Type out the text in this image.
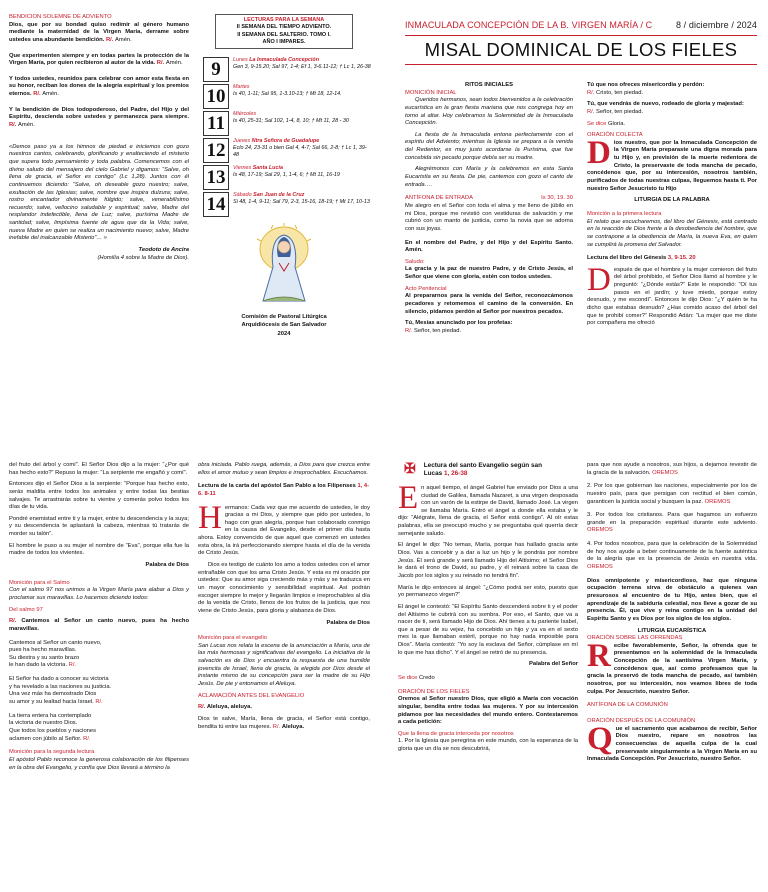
BENDICIÓN SOLEMNE DE ADVIENTO

Dios, que por su bondad quiso redimir al género humano mediante la maternidad de la Virgen María, derrame sobre ustedes una abundante bendición. R/. Amén.

Que experimenten siempre y en todas partes la protección de la Virgen María, por quien recibieron al autor de la vida. R/. Amén.

Y todos ustedes, reunidos para celebrar con amor esta fiesta en su honor, reciban los dones de la alegría espiritual y los premios eternos. R/. Amén.

Y la bendición de Dios todopoderoso, del Padre, del Hijo y del Espíritu, descienda sobre ustedes y permanezca para siempre. R/. Amén.

«Demos paso ya a los himnos de piedad e iniciemos con gozo nuestros cantos, celebrando, glorificando y enalteciendo el misterio que supera todo pensamiento y toda palabra. Comencemos con el divino saludo del mensajero del cielo Gabriel y digamos: “Salve, oh llena de gracia, el Señor es contigo” (Lc 1,28). Juntos con él continuemos diciendo: “Salve, oh deseable gozo nuestro; salve, exultación de las Iglesias; salve, nombre que inspira dulzura; salve, rostro encantador divinamente fúlgido; salve, venerabilísimo recuerdo; salve, vellocino saludable y espiritual; salve, Madre del resplandor indefectible, llena de Luz; salve, purísima Madre de santidad; salve, limpísima fuente de agua que da la Vida; salve, nueva Madre en quien se realiza un nacimiento nuevo; salve, Madre inefable del inalcanzable Misterio”… »

Teodoto de Ancira
(Homilía 4 sobre la Madre de Dios).
LECTURAS PARA LA SEMANA
II SEMANA DEL TIEMPO ADVIENTO.
II SEMANA DEL SALTERIO. TOMO I.
AÑO I IMPARES.
9	Lunes La Inmaculada Concepción
Gen 3, 9-15.20; Sal 97, 1-4; Ef 1, 3-6.11-12; † Lc 1, 26-38
10	Martes
Is 40, 1-11; Sal 95, 1-3.10-13; † Mt 18, 12-14.
11	Miércoles
Is 40, 25-31; Sal 102, 1-4, 8, 10; † Mt 11, 28 - 30
12	Jueves Ntra Señora de Guadalupe
Eclo 24, 23-31 o bien Gal 4, 4-7; Sal 66, 2-8; † Lc 1, 39-48
13	Viernes Santa Lucía
Is 48, 17-19; Sal 29, 1, 1-4, 6; † Mt 11, 16-19
14	Sábado San Juan de la Cruz
Si 48, 1-4, 9-11; Sal 79, 2-3, 15-16, 18-19; † Mt 17, 10-13
Comisión de Pastoral Litúrgica
Arquidiócesis de San Salvador
2024
INMACULADA CONCEPCIÓN DE LA B. VIRGEN MARÍA / C	8 / diciembre / 2024
MISAL DOMINICAL DE LOS FIELES
RITOS INICIALES
MONICIÓN INICIAL

Queridos hermanos, sean todos bienvenidos a la celebración eucarística en la gran fiesta mariana que nos congrega hoy en torno al altar. Hoy celebramos la Solemnidad de la Inmaculada Concepción.

La fiesta de la Inmaculada entona perfectamente con el espíritu del Adviento; mientras la Iglesia se prepara a la venida del Redentor, es muy justo acordarse la Purísima, que fue concebida sin pecado porque debía ser su madre.

Alegrémonos con María y la celebremos en esta Santa Eucaristía en su fiesta. De pie, cantemos con gozo el canto de entrada….

ANTÍFONA DE ENTRADA	Is 30, 19. 30

Me alegro en el Señor con toda el alma y me lleno de júbilo en mi Dios, porque me revistió con vestiduras de salvación y me cubrió con un manto de justicia, como la novia que se adorna con sus joyas.

En el nombre del Padre, y del Hijo y del Espíritu Santo. Amén.

Saludo:

La gracia y la paz de nuestro Padre, y de Cristo Jesús, el Señor que viene con gloria, estén con todos ustedes.

Acto Penitencial

Al prepararnos para la venida del Señor, reconozcámonos pecadores y retomemos el camino de la conversión. En silencio, pidamos perdón al Señor por nuestros pecados.

Tú, Mesías anunciado por los profetas:
R/. Señor, ten piedad.
Tú que nos ofreces misericordia y perdón:

R/. Cristo, ten piedad.

Tú, que vendrás de nuevo, rodeado de gloria y majestad:

R/. Señor, ten piedad.

Se dice Gloria.

ORACIÓN COLECTA

Dios nuestro, que por la Inmaculada Concepción de la Virgen María preparaste una digna morada para tu Hijo y, en previsión de la muerte redentora de Cristo, la preservaste de toda mancha de pecado, concédenos que, por su intercesión, nosotros también, purificados de todas nuestras culpas, lleguemos hasta ti. Por nuestro Señor Jesucristo tu Hijo

LITURGIA DE LA PALABRA
Monición a la primera lectura

El relato que escucharemos, del libro del Génesis, está centrado en la reacción de Dios frente a la desobediencia del hombre, que se contrapone a la obediencia de María, la nueva Eva, en quien se cumplirá la promesa del Salvador.

Lectura del libro del Génesis 3, 9-15. 20

Después de que el hombre y la mujer comieron del fruto del árbol prohibido, el Señor Dios llamó al hombre y le preguntó: “¿Dónde estás?” Este le respondió: “Oí tus pasos en el jardín; y tuve miedo, porque estoy desnudo, y me escondí”. Entonces le dijo Dios: “¿Y quién te ha dicho que estabas desnudo? ¿Has comido acaso del árbol del que te prohibí comer?” Respondió Adán: “La mujer que me diste por compañera me ofreció

del fruto del árbol y comí”. El Señor Dios dijo a la mujer: “¿Por qué has hecho esto?” Repuso la mujer: “La serpiente me engañó y comí”.

Entonces dijo el Señor Dios a la serpiente: “Porque has hecho esto, serás maldita entre todos los animales y entre todas las bestias salvajes. Te arrastrarás sobre tu vientre y comerás polvo todos los días de tu vida.

Pondré enemistad entre ti y la mujer, entre tu descendencia y la suya; y su descendencia te aplastará la cabeza, mientras tú tratarás de morder su talón”.

El hombre le puso a su mujer el nombre de “Eva”, porque ella fue la madre de todos los vivientes.

Palabra de Dios
Monición para el Salmo

Con el salmo 97 nos unimos a la Virgen María para alabar a Dios y proclamar sus maravillas. Lo hacemos diciendo todos:

Del salmo 97

R/. Cantemos al Señor un canto nuevo, pues ha hecho maravillas.

Cantemos al Señor un canto nuevo,
pues ha hecho maravillas.
Su diestra y su santo brazo
le han dado la victoria. R/.
El Señor ha dado a conocer su victoria
y ha revelado a las naciones su justicia.
Una vez más ha demostrado Dios
su amor y su lealtad hacia Israel. R/.
La tierra entera ha contemplado
la victoria de nuestro Dios.
Que todos los pueblos y naciones
aclamen con júbilo al Señor. R/.
Monición para la segunda lectura

El apóstol Pablo reconoce la generosa colaboración de los filipenses en la obra del Evangelio, y confía que Dios llevará a término la

obra iniciada. Pablo ruega, además, a Dios para que crezca entre ellos el amor mutuo y sean limpios e irreprochables. Escuchamos.

Lectura de la carta del apóstol San Pablo a los Filipenses 1, 4-6. 8-11

Hermanos: Cada vez que me acuerdo de ustedes, le doy gracias a mi Dios, y siempre que pido por ustedes, lo hago con gran alegría, porque han colaborado conmigo en la causa del Evangelio, desde el primer día hasta ahora. Estoy convencido de que aquel que comenzó en ustedes esta obra, la irá perfeccionando siempre hasta el día de la venida de Cristo Jesús.

Dios es testigo de cuánto los amo a todos ustedes con el amor entrañable con que los ama Cristo Jesús. Y esta es mi oración por ustedes: Que su amor siga creciendo más y más y se traduzca en un mayor conocimiento y sensibilidad espiritual. Así podrán escoger siempre lo mejor y llegarán limpios e irreprochables al día de la venida de Cristo, llenos de los frutos de la justicia, que nos viene de Cristo Jesús, para gloria y alabanza de Dios.

Palabra de Dios
Monición para el evangelio

San Lucas nos relata la escena de la anunciación a María, una de las más hermosas y significativas del evangelio. La iniciativa de la salvación es de Dios y encuentra la respuesta de una humilde jovencita de Israel, llena de gracia, la elegida por Dios desde el instante mismo de su concepción para ser la madre de su Hijo Jesús. De pie y entonamos el Aleluya.

ACLAMACIÓN ANTES DEL EVANGELIO

R/. Aleluya, aleluya.

Dios te salve, María, llena de gracia, el Señor está contigo, bendita tú entre las mujeres. R/. Aleluya.

✠ Lectura del santo Evangelio según san Lucas 1, 26-38

En aquel tiempo, el ángel Gabriel fue enviado por Dios a una ciudad de Galilea, llamada Nazaret, a una virgen desposada con un varón de la estirpe de David, llamado José. La virgen se llamaba María. Entró el ángel a donde ella estaba y le dijo: “Alégrate, llena de gracia, el Señor está contigo”. Al oír estas palabras, ella se preocupó mucho y se preguntaba qué querría decir semejante saludo.

El ángel le dijo: “No temas, María, porque has hallado gracia ante Dios. Vas a concebir y a dar a luz un hijo y le pondrás por nombre Jesús. Él será grande y será llamado Hijo del Altísimo; el Señor Dios le dará el trono de David, su padre, y él reinará sobre la casa de Jacob por los siglos y su reinado no tendrá fin”.

María le dijo entonces al ángel: “¿Cómo podrá ser esto, puesto que yo permanezco virgen?”

El ángel le contestó: “El Espíritu Santo descenderá sobre ti y el poder del Altísimo te cubrirá con su sombra. Por eso, el Santo, que va a nacer de ti, será llamado Hijo de Dios. Ahí tienes a tu pariente Isabel, que a pesar de su vejez, ha concebido un hijo y ya va en el sexto mes la que llamaban estéril, porque no hay nada imposible para Dios”. María contestó: “Yo soy la esclava del Señor, cúmplase en mí lo que me has dicho”. Y el ángel se retiró de su presencia.

Palabra del Señor

Se dice Credo

ORACIÓN DE LOS FIELES

Oremos al Señor nuestro Dios, que eligió a María con vocación singular, bendita entre todas las mujeres. Y por su intercesión pidamos por las necesidades del mundo entero. Contestaremos a cada petición:

Que la llena de gracia interceda por nosotros

1. Por la Iglesia que peregrina en este mundo, con la esperanza de la gloria que un día se nos descubrirá,

para que nos ayude a nosotros, sus hijos, a dejarnos revestir de la gracia de la salvación. OREMOS

2. Por los que gobiernan las naciones, especialmente por los de nuestro país, para que persigan con rectitud el bien común, garanticen la justicia social y busquen la paz. OREMOS

3. Por todos los cristianos. Para que hagamos un esfuerzo grande en la preparación espiritual durante este adviento. OREMOS

4. Por todos nosotros, para que la celebración de la Solemnidad de hoy nos ayude a beber continuamente de la fuente auténtica de la alegría que es la presencia de Jesús en nuestra vida. OREMOS

Dios omnipotente y misericordioso, haz que ninguna ocupación terrena sirva de obstáculo a quienes van presurosos al encuentro de tu Hijo, antes bien, que el aprendizaje de la sabiduría celestial, nos lleve a gozar de su presencia. Él, que vive y reina contigo en la unidad del Espíritu Santo y es Dios por los siglos de los siglos.

LITURGIA EUCARÍSTICA
ORACIÓN SOBRE LAS OFRENDAS

Recibe favorablemente, Señor, la ofrenda que te presentamos en la solemnidad de la Inmaculada Concepción de la santísima Virgen María, y concédenos que, así como profesamos que la gracia la preservó de toda mancha de pecado, así también nosotros, por su intercesión, nos veamos libres de toda culpa. Por Jesucristo, nuestro Señor.

ANTÍFONA DE LA COMUNIÓN
ORACIÓN DESPUÉS DE LA COMUNIÓN

Que el sacramento que acabamos de recibir, Señor Dios nuestro, repare en nosotros las consecuencias de aquella culpa de la cual preservaste singularmente a la Virgen María en su Inmaculada Concepción. Por Jesucristo, nuestro Señor.
